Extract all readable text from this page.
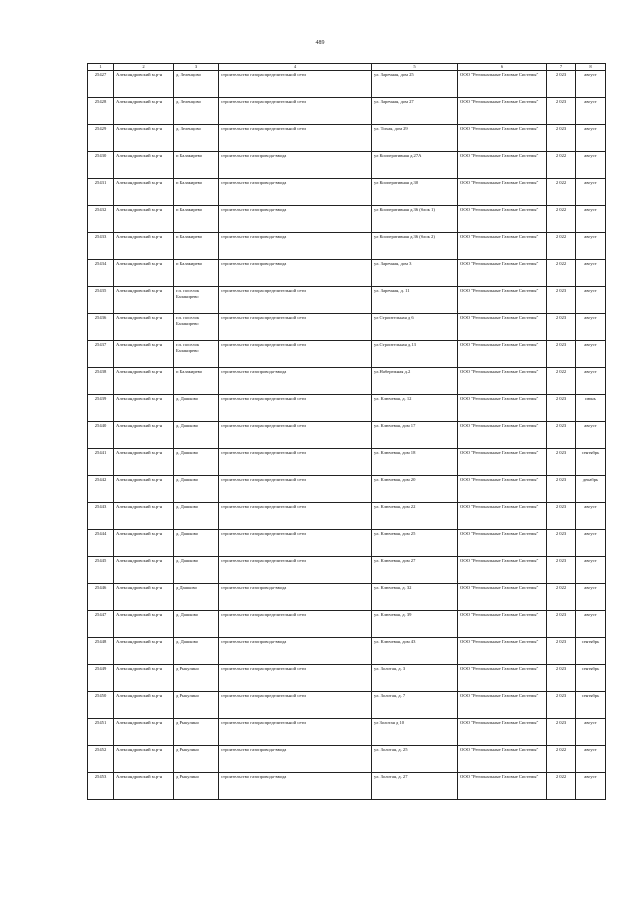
489
1	2	3	4	5	6	7	8
25427	Александровский м.р-н	д. Зеленцово	строительство газораспределительной сети	ул. Заречная, дом 25	ООО "Региональные Газовые Системы"	2 023	август
25428	Александровский м.р-н	д. Зеленцово	строительство газораспределительной сети	ул. Заречная, дом 27	ООО "Региональные Газовые Системы"	2 023	август
25429	Александровский м.р-н	д. Зеленцово	строительство газораспределительной сети	ул. Тихая, дом 29	ООО "Региональные Газовые Системы"	2 023	август
25430	Александровский м.р-н	п Балакирево	строительство газопровода-ввода	ул Кооперативная д.27А	ООО "Региональные Газовые Системы"	2 022	август
25431	Александровский м.р-н	п Балакирево	строительство газопровода-ввода	ул Кооперативная д.30	ООО "Региональные Газовые Системы"	2 022	август
25432	Александровский м.р-н	п Балакирево	строительство газопровода-ввода	ул Кооперативная д.36 (блок 1)	ООО "Региональные Газовые Системы"	2 022	август
25433	Александровский м.р-н	п Балакирево	строительство газопровода-ввода	ул Кооперативная д.36 (блок 2)	ООО "Региональные Газовые Системы"	2 022	август
25434	Александровский м.р-н	п Балакирево	строительство газопровода-ввода	ул. Заречная, дом 3	ООО "Региональные Газовые Системы"	2 022	август
25435	Александровский м.р-н	г.п. поселок Балакирево	строительство газораспределительной сети	ул. Заречная, д. 11	ООО "Региональные Газовые Системы"	2 023	август
25436	Александровский м.р-н	г.п. поселок Балакирево	строительство газораспределительной сети	ул Строительная д 6	ООО "Региональные Газовые Системы"	2 023	август
25437	Александровский м.р-н	г.п. поселок Балакирево	строительство газораспределительной сети	ул.Строительная д.13	ООО "Региональные Газовые Системы"	2 023	август
25438	Александровский м.р-н	п Балакирево	строительство газопровода-ввода	ул.Набережная д.2	ООО "Региональные Газовые Системы"	2 022	август
25439	Александровский м.р-н	д. Дашково	строительство газораспределительной сети	ул. Ключевая, д. 12	ООО "Региональные Газовые Системы"	2 023	июнь
25440	Александровский м.р-н	д. Дашково	строительство газораспределительной сети	ул. Ключевая, дом 17	ООО "Региональные Газовые Системы"	2 023	август
25441	Александровский м.р-н	д. Дашково	строительство газораспределительной сети	ул. Ключевая, дом 18	ООО "Региональные Газовые Системы"	2 023	сентябрь
25442	Александровский м.р-н	д. Дашково	строительство газораспределительной сети	ул. Ключевая, дом 20	ООО "Региональные Газовые Системы"	2 023	декабрь
25443	Александровский м.р-н	д. Дашково	строительство газораспределительной сети	ул. Ключевая, дом 22	ООО "Региональные Газовые Системы"	2 023	август
25444	Александровский м.р-н	д. Дашково	строительство газораспределительной сети	ул. Ключевая, дом 25	ООО "Региональные Газовые Системы"	2 023	август
25445	Александровский м.р-н	д. Дашково	строительство газораспределительной сети	ул. Ключевая, дом 27	ООО "Региональные Газовые Системы"	2 023	август
25446	Александровский м.р-н	д Дашково	строительство газопровода-ввода	ул. Ключевая, д. 32	ООО "Региональные Газовые Системы"	2 022	август
25447	Александровский м.р-н	д. Дашково	строительство газораспределительной сети	ул. Ключевая, д. 39	ООО "Региональные Газовые Системы"	2 023	август
25448	Александровский м.р-н	д. Дашково	строительство газопровода-ввода	ул. Ключевая, дом 43	ООО "Региональные Газовые Системы"	2 023	сентябрь
25449	Александровский м.р-н	д Рыкулино	строительство газораспределительной сети	ул. Золотая, д. 3	ООО "Региональные Газовые Системы"	2 023	сентябрь
25450	Александровский м.р-н	д Рыкулино	строительство газораспределительной сети	ул. Золотая, д. 7	ООО "Региональные Газовые Системы"	2 023	сентябрь
25451	Александровский м.р-н	д Рыкулино	строительство газораспределительной сети	ул Золотая д 10	ООО "Региональные Газовые Системы"	2 023	август
25452	Александровский м.р-н	д Рыкулино	строительство газопровода-ввода	ул. Золотая, д. 25	ООО "Региональные Газовые Системы"	2 022	август
25453	Александровский м.р-н	д Рыкулино	строительство газопровода-ввода	ул. Золотая, д. 27	ООО "Региональные Газовые Системы"	2 022	август
